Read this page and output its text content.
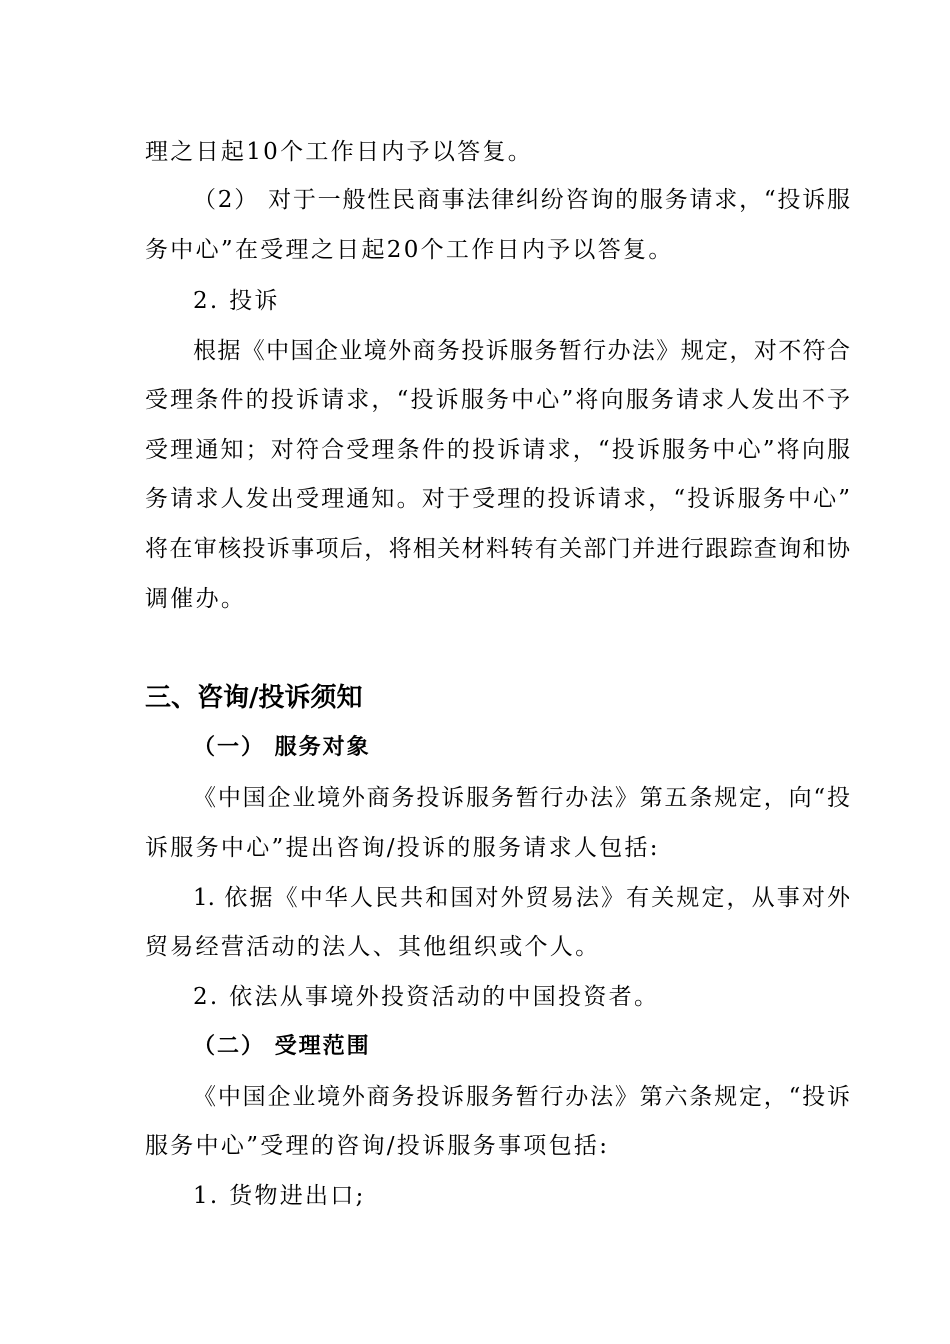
理之日起10个工作日内予以答复。
（2） 对于一般性民商事法律纠纷咨询的服务请求，“投诉服
务中心”在受理之日起20个工作日内予以答复。
2. 投诉
根据《中国企业境外商务投诉服务暂行办法》规定，对不符合
受理条件的投诉请求，“投诉服务中心”将向服务请求人发出不予
受理通知；对符合受理条件的投诉请求，“投诉服务中心”将向服
务请求人发出受理通知。对于受理的投诉请求，“投诉服务中心”
将在审核投诉事项后，将相关材料转有关部门并进行跟踪查询和协
调催办。
三、咨询/投诉须知
（一） 服务对象
《中国企业境外商务投诉服务暂行办法》第五条规定，向“投
诉服务中心”提出咨询/投诉的服务请求人包括:
1. 依据《中华人民共和国对外贸易法》有关规定，从事对外
贸易经营活动的法人、其他组织或个人。
2. 依法从事境外投资活动的中国投资者。
（二） 受理范围
《中国企业境外商务投诉服务暂行办法》第六条规定，“投诉
服务中心”受理的咨询/投诉服务事项包括:
1. 货物进出口;
